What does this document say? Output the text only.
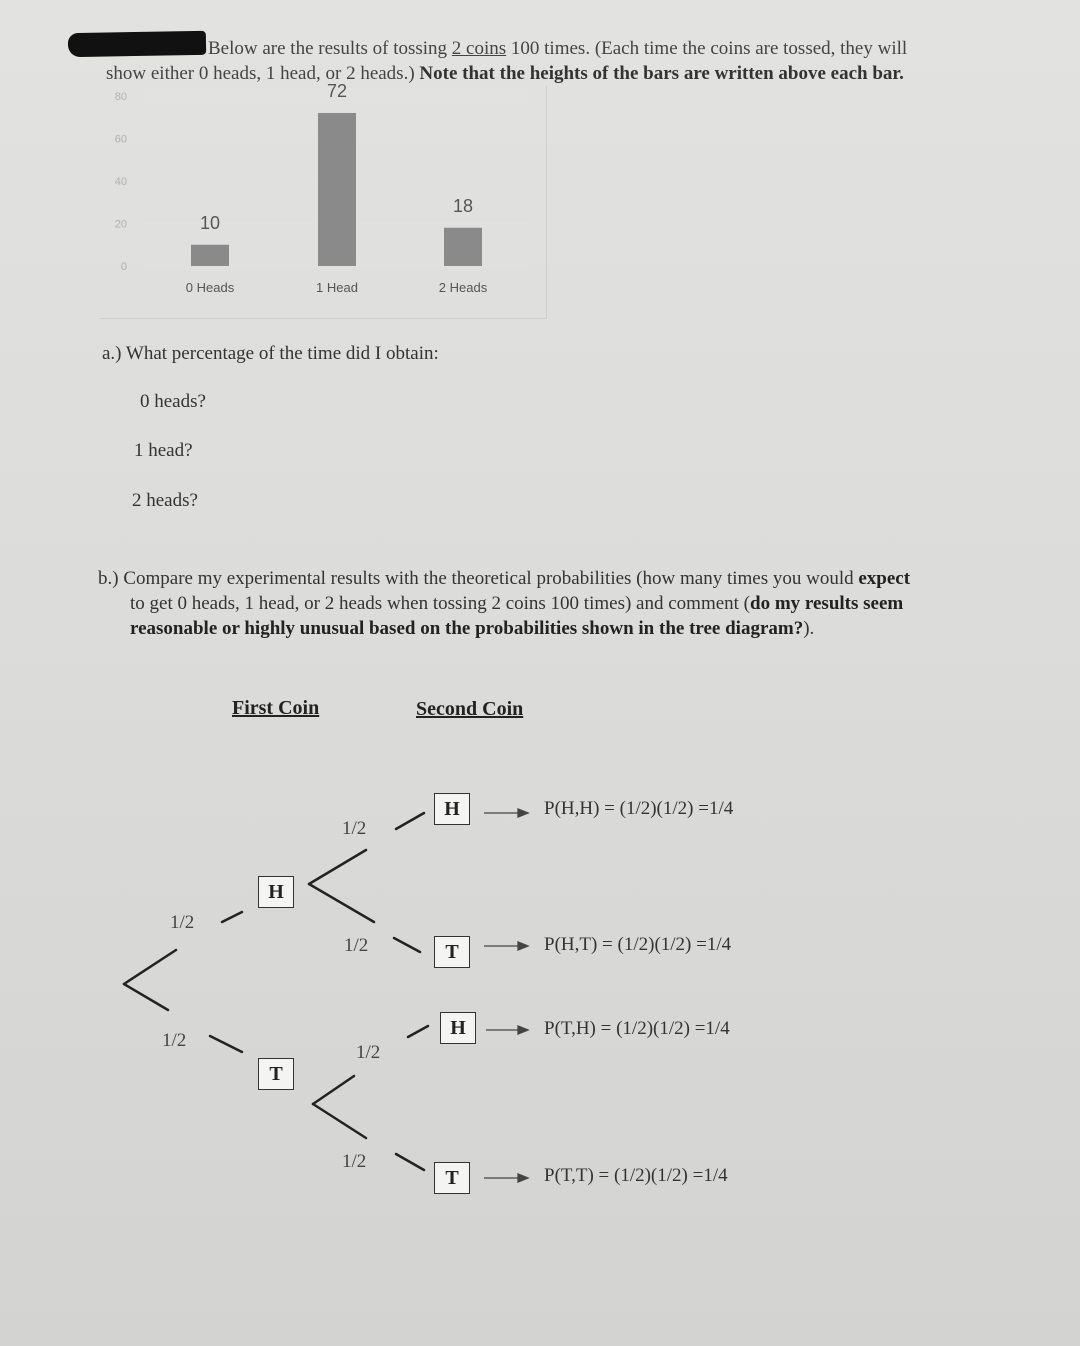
Below are the results of tossing 2 coins 100 times. (Each time the coins are tossed, they will
show either 0 heads, 1 head, or 2 heads.) Note that the heights of the bars are written above each bar.
80
60
40
20
0
10
0 Heads
72
1 Head
18
2 Heads
a.) What percentage of the time did I obtain:
0 heads?
1 head?
2 heads?
b.) Compare my experimental results with the theoretical probabilities (how many times you would expect
to get 0 heads, 1 head, or 2 heads when tossing 2 coins 100 times) and comment (do my results seem
reasonable or highly unusual based on the probabilities shown in the tree diagram?).
First Coin	Second Coin
H
T
H
T
H
T
1/2
1/2
1/2
1/2
1/2
1/2
P(H,H) = (1/2)(1/2) =1/4
P(H,T) = (1/2)(1/2) =1/4
P(T,H) = (1/2)(1/2) =1/4
P(T,T) = (1/2)(1/2) =1/4
